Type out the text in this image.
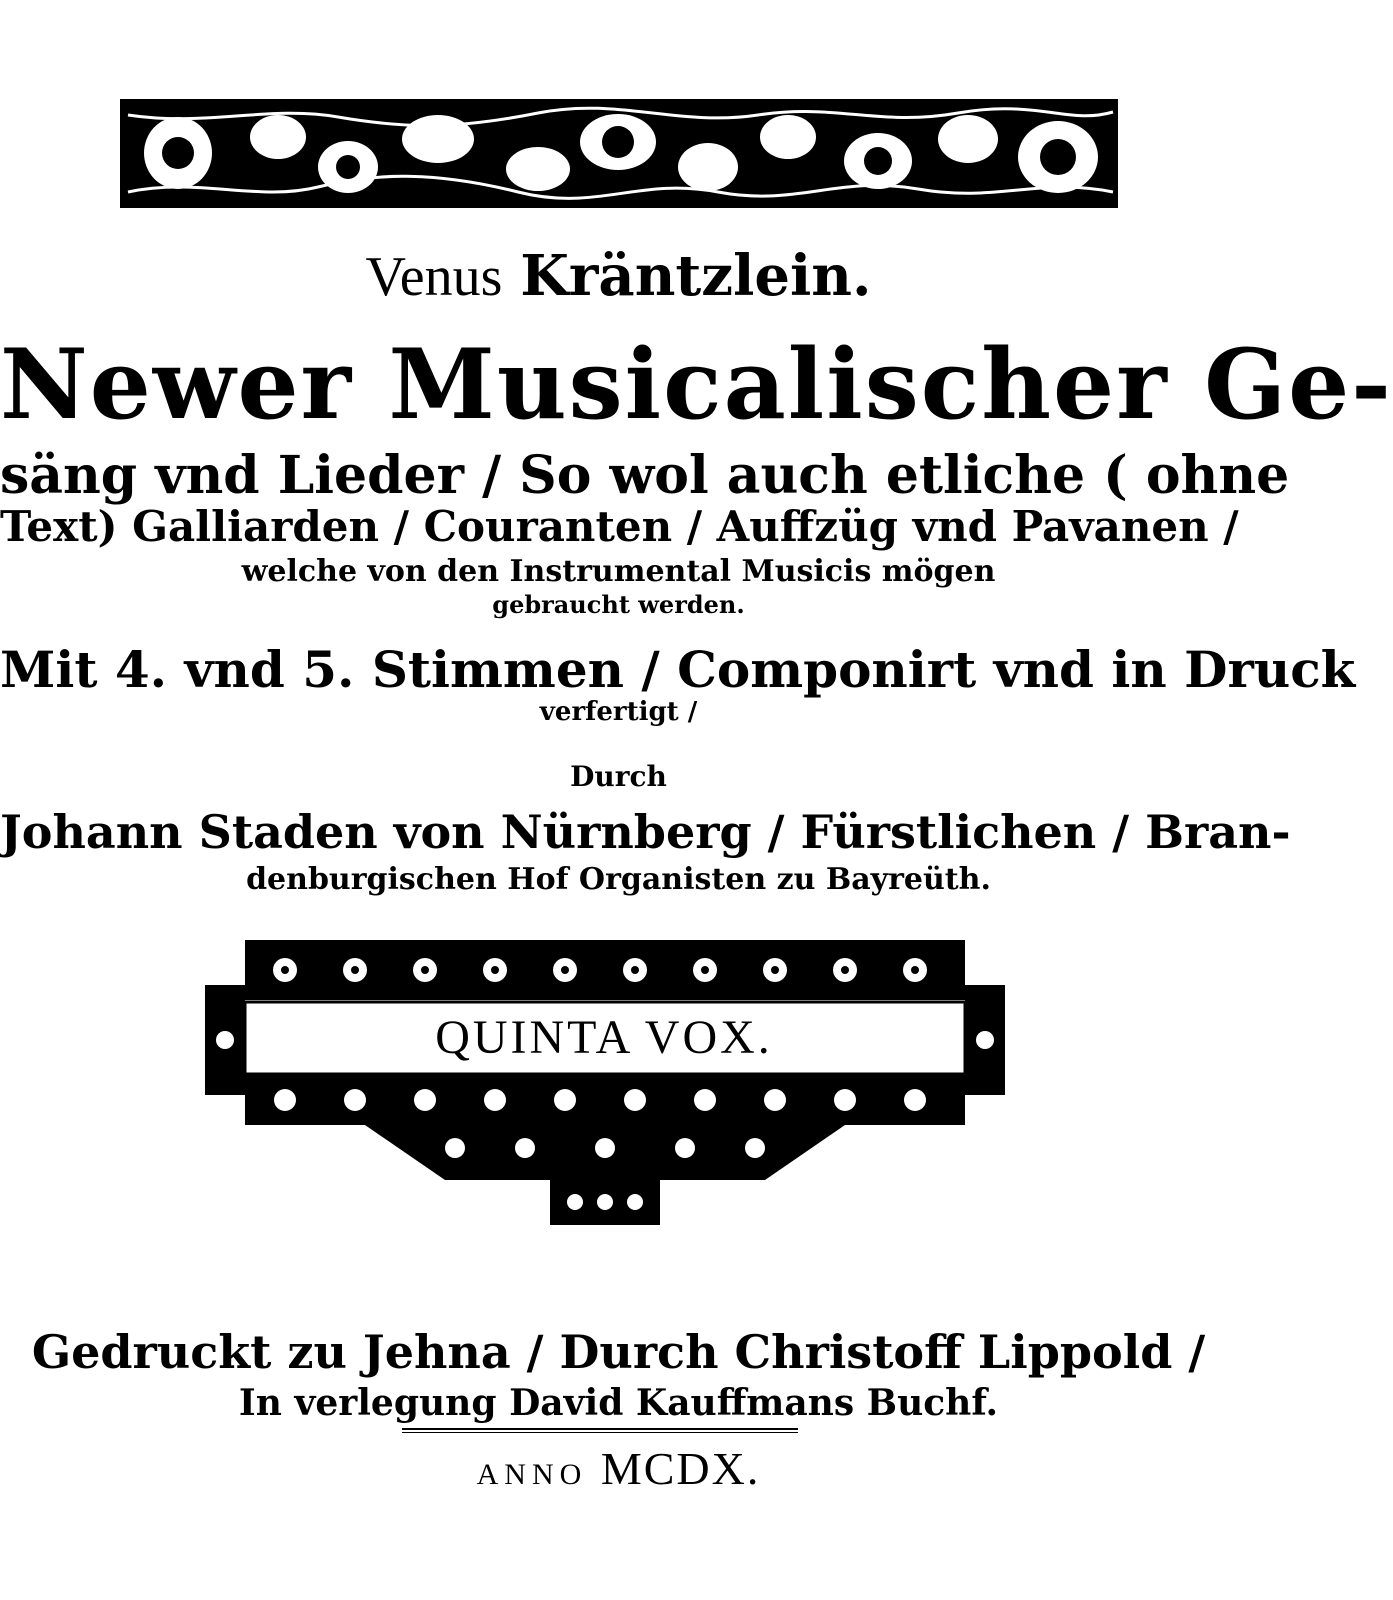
Venus Kräntzlein.
Newer Musicalischer Ge-
säng vnd Lieder / So wol auch etliche ( ohne
Text) Galliarden / Couranten / Auffzüg vnd Pavanen /
welche von den Instrumental Musicis mögen
gebraucht werden.
Mit 4. vnd 5. Stimmen / Componirt vnd in Druck
verfertigt /
Durch
Johann Staden von Nürnberg / Fürstlichen / Bran-
denburgischen Hof Organisten zu Bayreüth.
QUINTA VOX.
Gedruckt zu Jehna / Durch Christoff Lippold /
In verlegung David Kauffmans Buchf.
ANNO MCDX.
